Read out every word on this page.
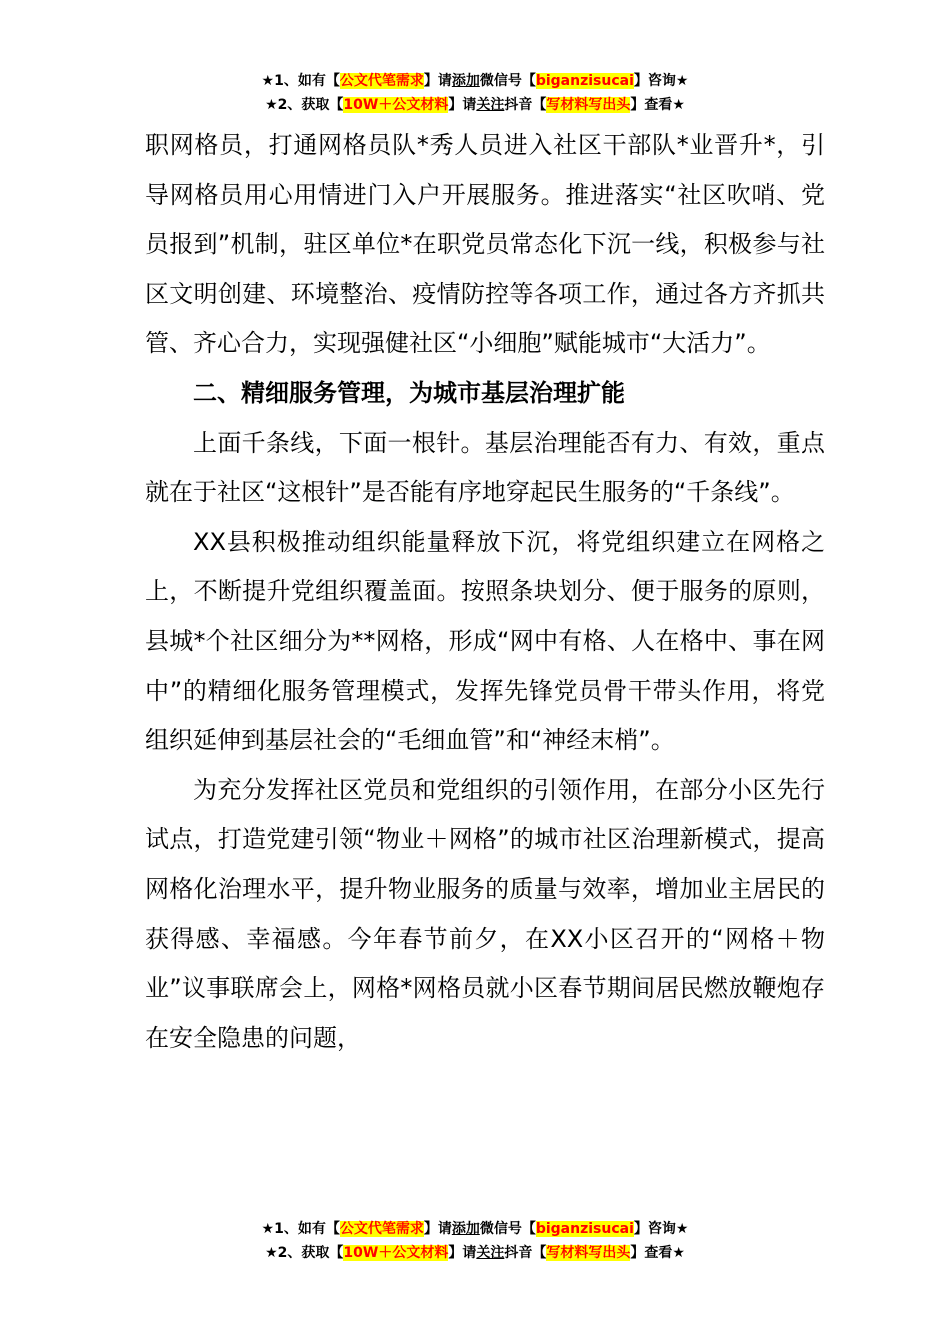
★1、如有【公文代笔需求】请添加微信号【biganzisucai】咨询★
★2、获取【10W＋公文材料】请关注抖音【写材料写出头】查看★

职网格员，打通网格员队*秀人员进入社区干部队*业晋升*，引导网格员用心用情进门入户开展服务。推进落实“社区吹哨、党员报到”机制，驻区单位*在职党员常态化下沉一线，积极参与社区文明创建、环境整治、疫情防控等各项工作，通过各方齐抓共管、齐心合力，实现强健社区“小细胞”赋能城市“大活力”。

二、精细服务管理，为城市基层治理扩能

上面千条线，下面一根针。基层治理能否有力、有效，重点就在于社区“这根针”是否能有序地穿起民生服务的“千条线”。

XX县积极推动组织能量释放下沉，将党组织建立在网格之上，不断提升党组织覆盖面。按照条块划分、便于服务的原则，县城*个社区细分为**网格，形成“网中有格、人在格中、事在网中”的精细化服务管理模式，发挥先锋党员骨干带头作用，将党组织延伸到基层社会的“毛细血管”和“神经末梢”。

为充分发挥社区党员和党组织的引领作用，在部分小区先行试点，打造党建引领“物业＋网格”的城市社区治理新模式，提高网格化治理水平，提升物业服务的质量与效率，增加业主居民的获得感、幸福感。今年春节前夕，在XX小区召开的“网格＋物业”议事联席会上，网格*网格员就小区春节期间居民燃放鞭炮存在安全隐患的问题，

★1、如有【公文代笔需求】请添加微信号【biganzisucai】咨询★
★2、获取【10W＋公文材料】请关注抖音【写材料写出头】查看★
